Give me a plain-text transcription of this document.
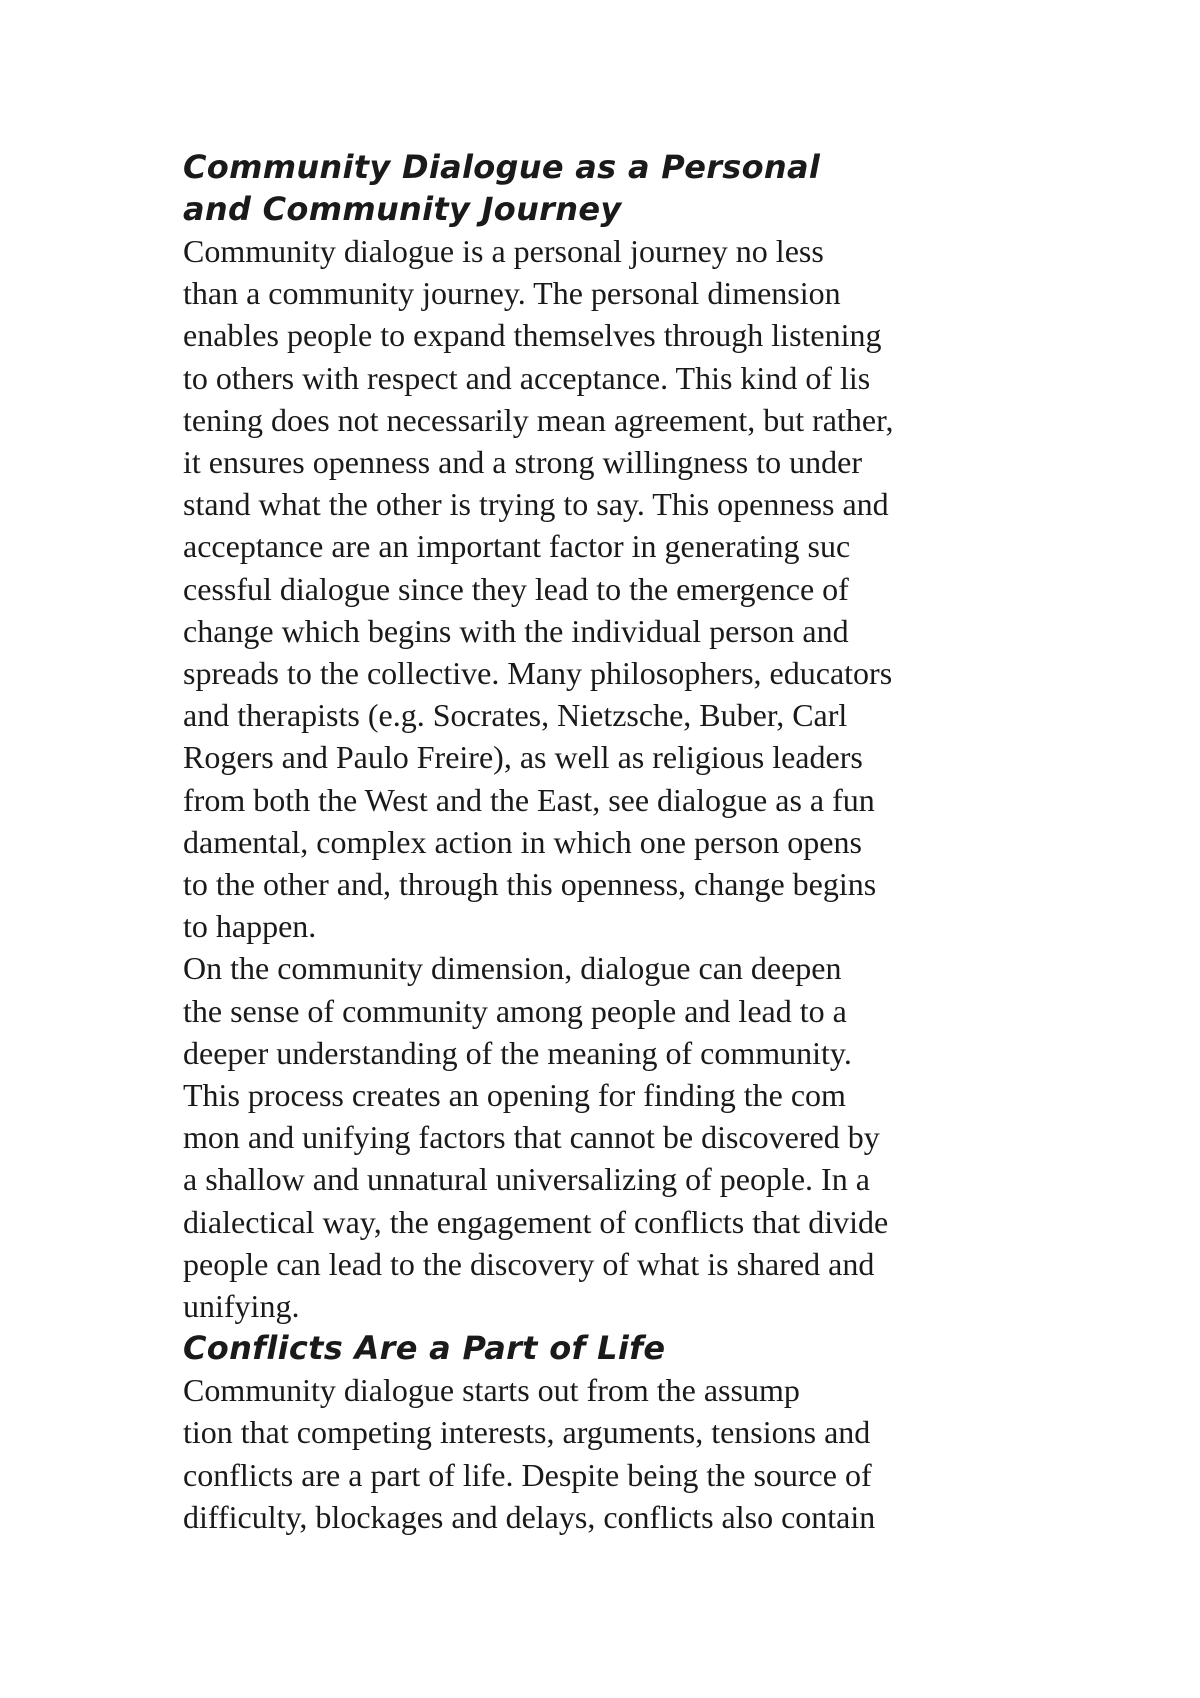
Community Dialogue as a Personal
and Community Journey
Community dialogue is a personal journey no less
than a community journey. The personal dimension
enables people to expand themselves through listening
to others with respect and acceptance. This kind of lis
tening does not necessarily mean agreement, but rather,
it ensures openness and a strong willingness to under
stand what the other is trying to say. This openness and
acceptance are an important factor in generating suc
cessful dialogue since they lead to the emergence of
change which begins with the individual person and
spreads to the collective. Many philosophers, educators
and therapists (e.g. Socrates, Nietzsche, Buber, Carl
Rogers and Paulo Freire), as well as religious leaders
from both the West and the East, see dialogue as a fun
damental, complex action in which one person opens
to the other and, through this openness, change begins
to happen.
On the community dimension, dialogue can deepen
the sense of community among people and lead to a
deeper understanding of the meaning of community.
This process creates an opening for finding the com
mon and unifying factors that cannot be discovered by
a shallow and unnatural universalizing of people. In a
dialectical way, the engagement of conflicts that divide
people can lead to the discovery of what is shared and
unifying.
Conflicts Are a Part of Life
Community dialogue starts out from the assump
tion that competing interests, arguments, tensions and
conflicts are a part of life. Despite being the source of
difficulty, blockages and delays, conflicts also contain
